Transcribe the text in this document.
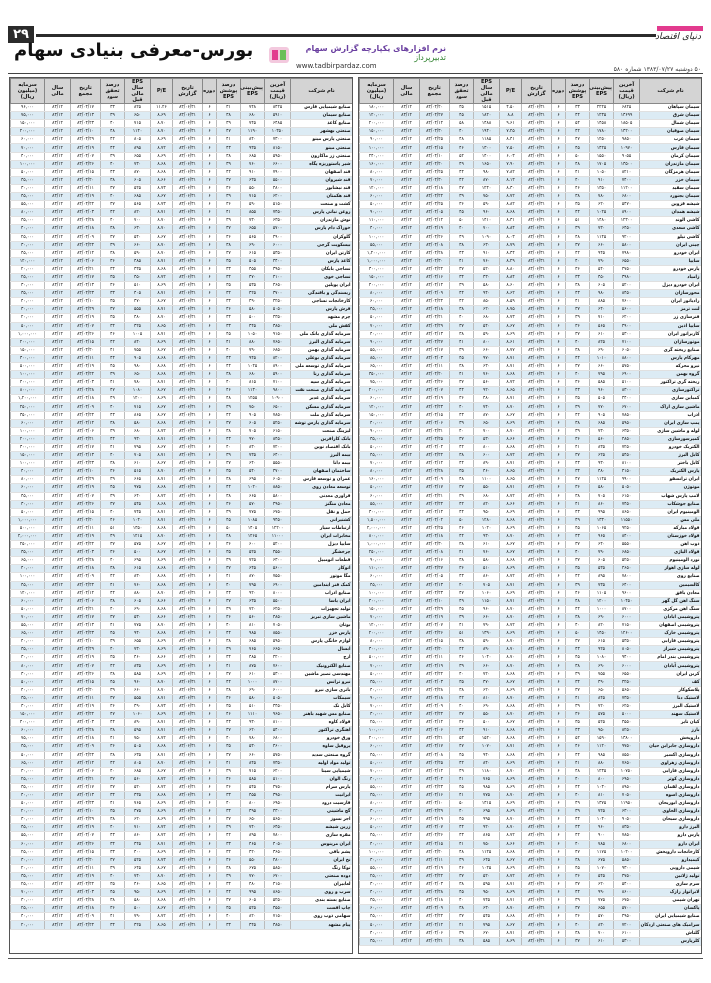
۲۹	دنیای اقتصاد
بورس-معرفی بنیادی سهام	نرم افزارهای یکپارچه گزارش سهام
تدبیرپرداز
www.tadbirpardaz.com	۵۰ دوشنبه ۱۳۸۳/۰۷/۲۷ شماره ۵۸۰
نام شرکت	آخرین قیمت (ریال)	پیش‌بینی EPS	درصد پوشش EPS	دوره	تاریخ گزارش	P/E	EPS سال مالی قبل	درصد تحقق سود	تاریخ مجمع	سال مالی	سرمایه (میلیون ریال)
سیمان سپاهان	۶۸۲۵	۲۲۲۵	۳۳	۶	۸۳/۰۶/۳۱	۴.۵۰	۱۵۱۵	۳۵	۸۳/۰۴/۲۰	۸۳/۱۲	۱۸۰,۰۰۰
سیمان شرق	۱۳۶۹۹	۱۲۳۵	۴۴	۶	۸۳/۰۶/۳۱	۸.۸	۱۸۲۰	۴۵	۸۳/۰۴/۲۷	۸۳/۱۲	۱۲۰,۰۰۰
سیمان شمال	۱۸۵۰۵	۱۴۵۸	۵۴	۶	۸۳/۰۶/۳۱	۹.۶۱	۱۴۸۸	۵۸	۸۳/۰۴/۱۲	۸۳/۱۲	۲۰۰,۰۰۰
سیمان صوفیان	۱۴۲۰۰	۱۷۸۰	۴۲	۶	۸۳/۰۶/۳۱	۷.۲۵	۱۹۴۰	۴۰	۸۳/۰۳/۳۰	۸۳/۱۲	۱۵۰,۰۰۰
سیمان غرب	۹۸۵۰	۱۲۵۰	۴۷	۶	۸۳/۰۶/۳۱	۸.۴۱	۱۱۸۵	۴۸	۸۳/۰۴/۲۵	۸۳/۱۲	۹۰,۰۰۰
سیمان فارس	۱۰۹۷۰	۱۴۲۵	۴۵	۶	۸۳/۰۶/۳۱	۷.۵۰	۱۳۰۰	۴۶	۸۳/۰۴/۱۵	۸۳/۱۲	۱۰۰,۰۰۰
سیمان کرمان	۹۰۵۵	۱۵۵۰	۵۰	۶	۸۳/۰۶/۳۱	۶.۰۳	۱۴۰۰	۵۲	۸۳/۰۴/۱۰	۸۳/۱۲	۲۴۰,۰۰۰
سیمان مازندران	۱۳۵۰۰	۱۷۰۵	۴۸	۶	۸۳/۰۶/۳۱	۷.۹۰	۱۶۵۰	۴۹	۸۳/۰۴/۲۰	۸۳/۱۲	۱۶۰,۰۰۰
سیمان هرمزگان	۸۲۱۰	۱۰۵۰	۴۱	۶	۸۳/۰۶/۳۱	۷.۸۲	۹۸۰	۴۴	۸۳/۰۴/۲۵	۸۳/۱۲	۸۰,۰۰۰
سیمان خزر	۷۴۰۰	۹۱۰	۴۰	۶	۸۳/۰۶/۳۱	۸.۱۳	۸۷۰	۴۲	۸۳/۰۴/۳۰	۸۳/۱۲	۷۰,۰۰۰
سیمان سفید	۱۱۲۰۰	۱۳۵۰	۴۶	۶	۸۳/۰۶/۳۱	۸.۳۰	۱۲۴۰	۴۷	۸۳/۰۴/۱۸	۸۳/۱۲	۱۲۰,۰۰۰
سیمان بجنورد	۶۸۰۰	۷۸۰	۳۸	۶	۸۳/۰۶/۳۱	۸.۷۲	۷۵۰	۳۹	۸۳/۰۴/۲۲	۸۳/۱۲	۶۰,۰۰۰
شیشه قزوین	۵۴۷۰	۶۲۰	۳۵	۶	۸۳/۰۶/۳۱	۸.۸۲	۵۹۰	۳۶	۸۳/۰۳/۲۵	۸۳/۱۲	۵۰,۰۰۰
شیشه همدان	۸۹۰۰	۱۰۲۵	۴۴	۶	۸۳/۰۶/۳۱	۸.۶۸	۹۶۰	۴۵	۸۳/۰۴/۰۵	۸۳/۱۲	۹۰,۰۰۰
کاشی الوند	۱۲۳۰۰	۱۴۸۰	۵۱	۶	۸۳/۰۶/۳۱	۸.۳۱	۱۴۱۰	۵۰	۸۳/۰۴/۱۲	۸۳/۱۲	۱۱۰,۰۰۰
کاشی سعدی	۶۴۵۰	۷۳۰	۳۹	۶	۸۳/۰۶/۳۱	۸.۸۴	۷۰۰	۴۰	۸۳/۰۴/۱۹	۸۳/۱۲	۴۰,۰۰۰
کاشی نیلو	۹۲۰۰	۱۱۴۵	۴۸	۶	۸۳/۰۶/۳۱	۸.۰۳	۱۰۹۰	۴۹	۸۳/۰۴/۲۶	۸۳/۱۲	۱۰۰,۰۰۰
چینی ایران	۵۸۰۰	۶۶۰	۳۷	۶	۸۳/۰۶/۳۱	۸.۷۹	۶۳۰	۳۸	۸۳/۰۴/۰۸	۸۳/۱۲	۵۵,۰۰۰
ایران خودرو	۷۹۸۰	۹۴۵	۴۲	۶	۸۳/۰۶/۳۱	۸.۴۴	۹۱۰	۴۳	۸۳/۰۴/۲۸	۸۳/۱۲	۱,۲۰۰,۰۰۰
سایپا	۶۵۵۰	۷۹۰	۴۰	۶	۸۳/۰۶/۳۱	۸.۲۹	۷۶۰	۴۱	۸۳/۰۴/۳۰	۸۳/۱۲	۱,۰۰۰,۰۰۰
پارس خودرو	۴۷۵۰	۵۴۰	۳۶	۶	۸۳/۰۶/۳۱	۸.۸۰	۵۲۰	۳۷	۸۳/۰۴/۲۲	۸۳/۱۲	۳۰۰,۰۰۰
زامیاد	۳۹۸۰	۴۵۰	۳۳	۶	۸۳/۰۶/۳۱	۸.۸۴	۴۳۰	۳۴	۸۳/۰۴/۱۶	۸۳/۱۲	۱۵۰,۰۰۰
ایران خودرو دیزل	۵۲۰۰	۶۰۵	۳۸	۶	۸۳/۰۶/۳۱	۸.۶۰	۵۸۰	۳۹	۸۳/۰۴/۱۴	۸۳/۱۲	۴۰۰,۰۰۰
محورسازان	۸۴۵۰	۹۸۰	۴۳	۶	۸۳/۰۶/۳۱	۸.۶۲	۹۴۰	۴۴	۸۳/۰۴/۰۹	۸۳/۱۲	۸۰,۰۰۰
رادیاتور ایران	۷۶۰۰	۸۸۵	۴۱	۶	۸۳/۰۶/۳۱	۸.۵۹	۸۵۰	۴۲	۸۳/۰۴/۲۴	۸۳/۱۲	۶۰,۰۰۰
لنت ترمز	۵۶۰۰	۶۴۰	۳۷	۶	۸۳/۰۶/۳۱	۸.۷۵	۶۲۰	۳۸	۸۳/۰۴/۱۸	۸۳/۱۲	۴۵,۰۰۰
فنرسازی زر	۶۲۰۰	۷۱۰	۳۹	۶	۸۳/۰۶/۳۱	۸.۷۳	۶۸۰	۴۰	۸۳/۰۴/۲۱	۸۳/۱۲	۵۰,۰۰۰
سایپا آذین	۴۹۰۰	۵۶۵	۳۶	۶	۸۳/۰۶/۳۱	۸.۶۷	۵۴۰	۳۷	۸۳/۰۴/۲۹	۸۳/۱۲	۷۰,۰۰۰
کاربراتور ایران	۵۳۰۰	۶۱۰	۳۷	۶	۸۳/۰۶/۳۱	۸.۶۹	۵۹۰	۳۸	۸۳/۰۴/۱۳	۸۳/۱۲	۴۰,۰۰۰
موتورسازان	۷۱۰۰	۸۲۵	۴۰	۶	۸۳/۰۶/۳۱	۸.۶۱	۸۰۰	۴۱	۸۳/۰۴/۲۷	۸۳/۱۲	۹۰,۰۰۰
صنایع ریخته گری	۶۰۵۰	۶۹۰	۳۸	۶	۸۳/۰۶/۳۱	۸.۷۷	۶۶۰	۳۹	۸۳/۰۴/۱۷	۸۳/۱۲	۵۵,۰۰۰
مهرکام پارس	۸۸۰۰	۱۰۱۰	۴۴	۶	۸۳/۰۶/۳۱	۸.۷۱	۹۷۰	۴۵	۸۳/۰۴/۰۳	۸۳/۱۲	۸۵,۰۰۰
نیرو محرکه	۵۷۵۰	۶۶۰	۳۷	۶	۸۳/۰۶/۳۱	۸.۷۱	۶۳۰	۳۸	۸۳/۰۴/۱۱	۸۳/۱۲	۶۵,۰۰۰
گروه بهمن	۶۹۰۰	۷۹۵	۴۰	۶	۸۳/۰۶/۳۱	۸.۶۸	۷۶۰	۴۱	۸۳/۰۴/۲۰	۸۳/۱۲	۳۵۰,۰۰۰
ریخته گری تراکتور	۵۱۰۰	۵۸۵	۳۶	۶	۸۳/۰۶/۳۱	۸.۷۲	۵۶۰	۳۷	۸۳/۰۴/۲۶	۸۳/۱۲	۷۵,۰۰۰
تراکتورسازی	۸۳۰۰	۹۶۰	۴۳	۶	۸۳/۰۶/۳۱	۸.۶۵	۹۲۰	۴۴	۸۳/۰۴/۰۷	۸۳/۱۲	۲۰۰,۰۰۰
کمباین سازی	۴۴۰۰	۵۰۵	۳۵	۶	۸۳/۰۶/۳۱	۸.۷۱	۴۸۰	۳۶	۸۳/۰۴/۱۹	۸۳/۱۲	۶۰,۰۰۰
ماشین سازی اراک	۶۷۰۰	۷۷۰	۳۹	۶	۸۳/۰۶/۳۱	۸.۷۰	۷۴۰	۴۰	۸۳/۰۴/۲۳	۸۳/۱۲	۱۲۰,۰۰۰
آذرآب	۷۸۵۰	۹۰۵	۴۲	۶	۸۳/۰۶/۳۱	۸.۶۷	۸۷۰	۴۳	۸۳/۰۴/۱۵	۸۳/۱۲	۱۵۰,۰۰۰
پمپ سازی ایران	۵۹۵۰	۶۸۵	۳۸	۶	۸۳/۰۶/۳۱	۸.۶۹	۶۵۰	۳۹	۸۳/۰۴/۰۶	۸۳/۱۲	۴۰,۰۰۰
لوله و ماشین سازی	۶۳۵۰	۷۳۰	۳۹	۶	۸۳/۰۶/۳۱	۸.۷۰	۷۰۰	۴۰	۸۳/۰۴/۳۱	۸۳/۱۲	۹۰,۰۰۰
کمپرسورسازی	۴۸۵۰	۵۶۰	۳۶	۶	۸۳/۰۶/۳۱	۸.۶۶	۵۳۰	۳۷	۸۳/۰۴/۲۵	۸۳/۱۲	۳۵,۰۰۰
الکتریک خودرو	۷۲۵۰	۸۳۵	۴۱	۶	۸۳/۰۶/۳۱	۸.۶۸	۸۰۰	۴۲	۸۳/۰۴/۰۴	۸۳/۱۲	۵۰,۰۰۰
کابل البرز	۵۴۵۰	۶۲۵	۳۷	۶	۸۳/۰۶/۳۱	۸.۷۲	۶۰۰	۳۸	۸۳/۰۴/۲۲	۸۳/۱۲	۴۵,۰۰۰
کابل باختر	۸۱۰۰	۹۳۰	۴۳	۶	۸۳/۰۶/۳۱	۸.۷۱	۸۹۰	۴۴	۸۳/۰۴/۱۲	۸۳/۱۲	۷۰,۰۰۰
پارس الکتریک	۴۱۵۰	۴۸۰	۳۴	۶	۸۳/۰۶/۳۱	۸.۶۵	۴۶۰	۳۵	۸۳/۰۴/۲۸	۸۳/۱۲	۸۰,۰۰۰
ایران ترانسفو	۹۹۰۰	۱۱۴۵	۴۷	۶	۸۳/۰۶/۳۱	۸.۶۵	۱۱۰۰	۴۸	۸۳/۰۴/۰۹	۸۳/۱۲	۱۶۰,۰۰۰
موتوژن	۵۰۵۰	۵۸۰	۳۶	۶	۸۳/۰۶/۳۱	۸.۷۱	۵۵۰	۳۷	۸۳/۰۴/۱۷	۸۳/۱۲	۵۰,۰۰۰
لامپ پارس شهاب	۶۱۵۰	۷۰۵	۳۸	۶	۸۳/۰۶/۳۱	۸.۷۲	۶۸۰	۳۹	۸۳/۰۴/۲۱	۸۳/۱۲	۶۰,۰۰۰
صنایع جوشکاب	۷۴۵۰	۸۶۰	۴۱	۶	۸۳/۰۶/۳۱	۸.۶۶	۸۲۰	۴۲	۸۳/۰۴/۲۴	۸۳/۱۲	۵۵,۰۰۰
آلومینیوم ایران	۸۶۵۰	۹۹۵	۴۳	۶	۸۳/۰۶/۳۱	۸.۶۹	۹۵۰	۴۴	۸۳/۰۴/۱۴	۸۳/۱۲	۳۰۰,۰۰۰
ملی مس	۱۱۵۵۰	۱۳۳۰	۴۹	۶	۸۳/۰۶/۳۱	۸.۶۸	۱۲۸۰	۵۰	۸۳/۰۴/۰۲	۸۳/۱۲	۱,۵۰۰,۰۰۰
فولاد مبارکه	۹۲۵۰	۱۰۶۵	۴۵	۶	۸۳/۰۶/۳۱	۸.۶۹	۱۰۲۰	۴۶	۸۳/۰۴/۲۵	۸۳/۱۲	۲,۰۰۰,۰۰۰
فولاد خوزستان	۸۴۰۰	۹۶۵	۴۳	۶	۸۳/۰۶/۳۱	۸.۷۰	۹۳۰	۴۴	۸۳/۰۴/۱۸	۸۳/۱۲	۸۰۰,۰۰۰
ذوب آهن	۵۵۵۰	۶۴۰	۳۷	۶	۸۳/۰۶/۳۱	۸.۶۷	۶۱۰	۳۸	۸۳/۰۴/۳۰	۸۳/۱۲	۱,۰۰۰,۰۰۰
فولاد آلیاژی	۶۸۵۰	۷۹۰	۴۰	۶	۸۳/۰۶/۳۱	۸.۶۷	۷۶۰	۴۱	۸۳/۰۴/۰۸	۸۳/۱۲	۲۵۰,۰۰۰
نورد آلومینیوم	۵۲۵۰	۶۰۵	۳۷	۶	۸۳/۰۶/۳۱	۸.۶۸	۵۸۰	۳۸	۸۳/۰۴/۱۶	۸۳/۱۲	۹۰,۰۰۰
لوله سازی اهواز	۴۶۵۰	۵۳۵	۳۵	۶	۸۳/۰۶/۳۱	۸.۶۹	۵۱۰	۳۶	۸۳/۰۴/۲۷	۸۳/۱۲	۱۱۰,۰۰۰
صنایع روی	۷۸۰۰	۸۹۵	۴۲	۶	۸۳/۰۶/۳۱	۸.۷۲	۸۶۰	۴۳	۸۳/۰۴/۰۵	۸۳/۱۲	۶۰,۰۰۰
کالسیمین	۶۴۰۰	۷۳۵	۳۹	۶	۸۳/۰۶/۳۱	۸.۷۱	۷۰۵	۴۰	۸۳/۰۴/۱۳	۸۳/۱۲	۴۵,۰۰۰
معادن بافق	۹۶۰۰	۱۱۰۵	۴۶	۶	۸۳/۰۶/۳۱	۸.۶۹	۱۰۶۰	۴۷	۸۳/۰۴/۲۳	۸۳/۱۲	۱۰۰,۰۰۰
سنگ آهن گل گهر	۱۰۴۵۰	۱۲۰۰	۴۸	۶	۸۳/۰۶/۳۱	۸.۷۱	۱۱۵۰	۴۹	۸۳/۰۴/۱۰	۸۳/۱۲	۴۰۰,۰۰۰
سنگ آهن مرکزی	۸۷۰۰	۱۰۰۰	۴۴	۶	۸۳/۰۶/۳۱	۸.۷۰	۹۶۰	۴۵	۸۳/۰۴/۲۹	۸۳/۱۲	۱۵۰,۰۰۰
پتروشیمی آبادان	۶۰۰۰	۶۹۰	۳۸	۶	۸۳/۰۶/۳۱	۸.۷۰	۶۶۰	۳۹	۸۳/۰۴/۱۹	۸۳/۱۲	۷۰,۰۰۰
پتروشیمی اصفهان	۷۱۵۰	۸۲۰	۴۰	۶	۸۳/۰۶/۳۱	۸.۷۲	۷۹۰	۴۱	۸۳/۰۴/۰۷	۸۳/۱۲	۱۲۰,۰۰۰
پتروشیمی خارک	۱۲۶۰۰	۱۴۵۰	۵۰	۶	۸۳/۰۶/۳۱	۸.۶۹	۱۳۹۰	۵۱	۸۳/۰۴/۲۶	۸۳/۱۲	۲۰۰,۰۰۰
پتروشیمی فارابی	۵۳۵۰	۶۱۵	۳۷	۶	۸۳/۰۶/۳۱	۸.۷۰	۵۹۰	۳۸	۸۳/۰۴/۱۵	۸۳/۱۲	۸۰,۰۰۰
پتروشیمی شیراز	۸۰۵۰	۹۲۵	۴۳	۶	۸۳/۰۶/۳۱	۸.۷۰	۸۹۰	۴۴	۸۳/۰۴/۲۰	۸۳/۱۲	۳۰۰,۰۰۰
پتروشیمی بندر امام	۹۴۰۰	۱۰۸۰	۴۵	۶	۸۳/۰۶/۳۱	۸.۷۰	۱۰۴۰	۴۶	۸۳/۰۴/۱۱	۸۳/۱۲	۵۰۰,۰۰۰
پتروشیمی آبادان	۶۰۰۰	۶۹۰	۳۸	۶	۸۳/۰۶/۳۱	۸.۷۰	۶۶۰	۳۹	۸۳/۰۴/۱۹	۸۳/۱۲	۷۰,۰۰۰
کربن ایران	۶۵۵۰	۷۵۵	۳۹	۶	۸۳/۰۶/۳۱	۸.۶۸	۷۲۰	۴۰	۸۳/۰۴/۲۲	۸۳/۱۲	۵۰,۰۰۰
کف	۴۲۵۰	۴۹۰	۳۴	۶	۸۳/۰۶/۳۱	۸.۶۷	۴۷۰	۳۵	۸۳/۰۴/۰۳	۸۳/۱۲	۳۵,۰۰۰
پلاسکوکار	۵۶۵۰	۶۵۰	۳۷	۶	۸۳/۰۶/۳۱	۸.۶۹	۶۲۰	۳۸	۸۳/۰۴/۲۸	۸۳/۱۲	۴۰,۰۰۰
لاستیک دنا	۷۳۵۰	۸۴۵	۴۱	۶	۸۳/۰۶/۳۱	۸.۷۰	۸۱۰	۴۲	۸۳/۰۴/۱۸	۸۳/۱۲	۹۰,۰۰۰
لاستیک البرز	۶۲۵۰	۷۲۰	۳۹	۶	۸۳/۰۶/۳۱	۸.۶۸	۶۹۰	۴۰	۸۳/۰۴/۰۹	۸۳/۱۲	۷۰,۰۰۰
لاستیک سهند	۵۰۰۰	۵۷۵	۳۶	۶	۸۳/۰۶/۳۱	۸.۷۰	۵۵۰	۳۷	۸۳/۰۴/۲۴	۸۳/۱۲	۳۰,۰۰۰
کیان تایر	۴۵۵۰	۵۲۵	۳۵	۶	۸۳/۰۶/۳۱	۸.۶۷	۵۰۰	۳۶	۸۳/۰۴/۱۲	۸۳/۱۲	۲۵,۰۰۰
بارز	۸۲۵۰	۹۵۰	۴۳	۶	۸۳/۰۶/۳۱	۸.۶۸	۹۱۰	۴۴	۸۳/۰۴/۰۶	۸۳/۱۲	۱۰۰,۰۰۰
داروپخش	۱۳۸۰۰	۱۵۹۰	۵۲	۶	۸۳/۰۶/۳۱	۸.۶۸	۱۵۲۰	۵۳	۸۳/۰۴/۲۱	۸۳/۱۲	۲۰۰,۰۰۰
داروسازی جابرابن حیان	۹۷۵۰	۱۱۲۰	۴۶	۶	۸۳/۰۶/۳۱	۸.۷۱	۱۰۷۰	۴۷	۸۳/۰۴/۱۷	۸۳/۱۲	۶۰,۰۰۰
داروسازی اکسیر	۸۵۵۰	۹۸۵	۴۴	۶	۸۳/۰۶/۳۱	۸.۶۸	۹۴۰	۴۵	۸۳/۰۴/۰۸	۸۳/۱۲	۴۵,۰۰۰
داروسازی زهراوی	۷۶۵۰	۸۸۰	۴۱	۶	۸۳/۰۶/۳۱	۸.۶۹	۸۴۰	۴۲	۸۳/۰۴/۲۵	۸۳/۱۲	۵۰,۰۰۰
داروسازی فارابی	۱۰۷۵۰	۱۲۳۵	۴۸	۶	۸۳/۰۶/۳۱	۸.۷۰	۱۱۸۰	۴۹	۸۳/۰۴/۱۴	۸۳/۱۲	۷۰,۰۰۰
داروسازی کوثر	۶۹۵۰	۸۰۰	۴۰	۶	۸۳/۰۶/۳۱	۸.۶۹	۷۶۵	۴۱	۸۳/۰۴/۰۴	۸۳/۱۲	۴۰,۰۰۰
داروسازی لقمان	۸۹۵۰	۱۰۳۰	۴۴	۶	۸۳/۰۶/۳۱	۸.۶۹	۹۸۵	۴۵	۸۳/۰۴/۲۳	۸۳/۱۲	۵۵,۰۰۰
داروسازی اسوه	۷۰۵۰	۸۱۰	۴۰	۶	۸۳/۰۶/۳۱	۸.۷۰	۷۷۵	۴۱	۸۳/۰۴/۱۶	۸۳/۱۲	۳۵,۰۰۰
داروسازی ابوریحان	۱۱۹۵۰	۱۳۷۵	۴۹	۶	۸۳/۰۶/۳۱	۸.۶۹	۱۳۱۵	۵۰	۸۳/۰۴/۱۰	۸۳/۱۲	۸۰,۰۰۰
داروسازی الحاوی	۶۳۰۰	۷۲۵	۳۹	۶	۸۳/۰۶/۳۱	۸.۶۹	۶۹۵	۴۰	۸۳/۰۴/۲۹	۸۳/۱۲	۳۰,۰۰۰
داروسازی سبحان	۹۰۵۰	۱۰۴۰	۴۴	۶	۸۳/۰۶/۳۱	۸.۷۰	۹۹۵	۴۵	۸۳/۰۴/۱۹	۸۳/۱۲	۶۰,۰۰۰
البرز دارو	۸۳۵۰	۹۶۰	۴۳	۶	۸۳/۰۶/۳۱	۸.۷۰	۹۲۰	۴۴	۸۳/۰۴/۰۷	۸۳/۱۲	۵۰,۰۰۰
پارس دارو	۷۸۵۰	۹۰۰	۴۲	۶	۸۳/۰۶/۳۱	۸.۷۲	۸۶۵	۴۳	۸۳/۰۴/۲۶	۸۳/۱۲	۴۵,۰۰۰
ایران دارو	۶۸۰۰	۷۸۵	۴۰	۶	۸۳/۰۶/۳۱	۸.۶۶	۷۵۰	۴۱	۸۳/۰۴/۱۵	۸۳/۱۲	۴۰,۰۰۰
کارخانجات داروپخش	۱۰۲۰۰	۱۱۷۵	۴۷	۶	۸۳/۰۶/۳۱	۸.۶۸	۱۱۲۵	۴۸	۸۳/۰۴/۲۰	۸۳/۱۲	۱۰۰,۰۰۰
کیمیدارو	۵۸۵۰	۶۷۵	۳۸	۶	۸۳/۰۶/۳۱	۸.۶۷	۶۴۵	۳۹	۸۳/۰۴/۱۱	۸۳/۱۲	۳۰,۰۰۰
شیمی دارویی	۹۳۰۰	۱۰۷۰	۴۵	۶	۸۳/۰۶/۳۱	۸.۶۹	۱۰۲۵	۴۶	۸۳/۰۴/۱۹	۸۳/۱۲	۵۵,۰۰۰
تولید ژلاتین	۴۷۵۰	۵۴۵	۳۶	۶	۸۳/۰۶/۳۱	۸.۷۲	۵۲۰	۳۷	۸۳/۰۴/۲۲	۸۳/۱۲	۲۵,۰۰۰
سرم سازی	۵۴۰۰	۶۲۰	۳۷	۶	۸۳/۰۶/۳۱	۸.۷۱	۵۹۵	۳۸	۸۳/۰۴/۰۳	۸۳/۱۲	۳۰,۰۰۰
لابراتوار رازک	۸۶۰۰	۹۹۰	۴۴	۶	۸۳/۰۶/۳۱	۸.۶۹	۹۵۰	۴۵	۸۳/۰۴/۲۸	۸۳/۱۲	۴۰,۰۰۰
تهران شیمی	۶۷۵۰	۷۷۵	۳۹	۶	۸۳/۰۶/۳۱	۸.۷۱	۷۴۵	۴۰	۸۳/۰۴/۱۸	۸۳/۱۲	۳۵,۰۰۰
پاکسان	۵۷۰۰	۶۵۵	۳۷	۶	۸۳/۰۶/۳۱	۸.۷۰	۶۳۰	۳۸	۸۳/۰۴/۰۹	۸۳/۱۲	۶۰,۰۰۰
صنایع شیمیایی ایران	۴۹۵۰	۵۷۰	۳۶	۶	۸۳/۰۶/۳۱	۸.۶۸	۵۴۵	۳۷	۸۳/۰۴/۲۴	۸۳/۱۲	۴۵,۰۰۰
سرامیک های صنعتی اردکان	۷۲۰۰	۸۳۰	۴۰	۶	۸۳/۰۶/۳۱	۸.۶۷	۷۹۵	۴۱	۸۳/۰۴/۱۲	۸۳/۱۲	۵۰,۰۰۰
گلتاش	۶۱۰۰	۷۰۰	۳۸	۶	۸۳/۰۶/۳۱	۸.۷۱	۶۷۰	۳۹	۸۳/۰۴/۰۶	۸۳/۱۲	۴۰,۰۰۰
کلرپارس	۵۳۰۰	۶۱۰	۳۷	۶	۸۳/۰۶/۳۱	۸.۶۹	۵۸۵	۳۸	۸۳/۰۴/۲۱	۸۳/۱۲	۳۵,۰۰۰
نام شرکت	آخرین قیمت (ریال)	پیش‌بینی EPS	درصد پوشش EPS	دوره	تاریخ گزارش	P/E	EPS سال مالی قبل	درصد تحقق سود	تاریخ مجمع	سال مالی	سرمایه (میلیون ریال)
صنایع شیمیایی فارس	۸۴۲۵	۷۴۸	۳۱	۶	۸۳/۰۶/۳۱	۱۱.۲۶	۸۲۵	۳۳	۸۳/۰۴/۱۷	۸۳/۱۲	۹۶,۰۰۰
صنایع سیمان	۵۹۱۰	۶۸۰	۳۸	۶	۸۳/۰۶/۳۱	۸.۶۹	۶۵۰	۳۹	۸۳/۰۴/۱۳	۸۳/۱۲	۷۵,۰۰۰
صنایع کاغذ	۶۴۸۵	۷۴۵	۳۹	۶	۸۳/۰۶/۳۱	۸.۷۰	۷۱۵	۴۰	۸۳/۰۴/۲۳	۸۳/۱۲	۱۵۰,۰۰۰
صنعتی بهشهر	۱۰۳۵۰	۱۱۹۰	۴۷	۶	۸۳/۰۶/۳۱	۸.۷۰	۱۱۴۰	۴۸	۸۳/۰۴/۱۰	۸۳/۱۲	۲۰۰,۰۰۰
صنعتی پارس مینو	۷۳۰۰	۸۴۰	۴۱	۶	۸۳/۰۶/۳۱	۸.۶۹	۸۰۵	۴۲	۸۳/۰۴/۲۹	۸۳/۱۲	۶۰,۰۰۰
صنعتی مینو	۸۱۵۰	۹۳۵	۴۳	۶	۸۳/۰۶/۳۱	۸.۷۲	۸۹۵	۴۴	۸۳/۰۴/۱۹	۸۳/۱۲	۷۰,۰۰۰
صنعتی زر ماکارون	۵۹۵۰	۶۸۵	۳۸	۶	۸۳/۰۶/۳۱	۸.۶۹	۶۵۵	۳۹	۸۳/۰۴/۰۷	۸۳/۱۲	۴۰,۰۰۰
شیر پاستوریزه پگاه	۶۶۰۰	۷۶۰	۳۹	۶	۸۳/۰۶/۳۱	۸.۶۸	۷۳۰	۴۰	۸۳/۰۴/۲۶	۸۳/۱۲	۱۰۰,۰۰۰
قند اصفهان	۷۹۰۰	۹۱۰	۴۲	۶	۸۳/۰۶/۳۱	۸.۶۸	۸۷۰	۴۳	۸۳/۰۴/۱۵	۸۳/۱۲	۵۰,۰۰۰
قند شیروان	۵۵۰۰	۶۳۵	۳۷	۶	۸۳/۰۶/۳۱	۸.۶۶	۶۰۵	۳۸	۸۳/۰۴/۲۰	۸۳/۱۲	۳۵,۰۰۰
قند نیشابور	۴۸۰۰	۵۵۰	۳۶	۶	۸۳/۰۶/۳۱	۸.۷۳	۵۲۵	۳۷	۸۳/۰۴/۱۱	۸۳/۱۲	۳۰,۰۰۰
قند هکمتان	۶۲۰۰	۷۱۵	۳۹	۶	۸۳/۰۶/۳۱	۸.۶۷	۶۸۵	۴۰	۸۳/۰۴/۱۹	۸۳/۱۲	۴۵,۰۰۰
کشت و صنعت	۵۱۵۰	۵۹۰	۳۶	۶	۸۳/۰۶/۳۱	۸.۷۳	۵۶۵	۳۷	۸۳/۰۴/۲۲	۸۳/۱۲	۵۵,۰۰۰
روغن نباتی پارس	۷۴۵۰	۸۵۵	۴۱	۶	۸۳/۰۶/۳۱	۸.۷۱	۸۲۰	۴۲	۸۳/۰۴/۰۳	۸۳/۱۲	۸۰,۰۰۰
نوش مازندران	۶۳۵۰	۷۳۰	۳۹	۶	۸۳/۰۶/۳۱	۸.۷۰	۷۰۰	۴۰	۸۳/۰۴/۲۸	۸۳/۱۲	۳۵,۰۰۰
خوراک دام پارس	۵۷۰۰	۶۵۵	۳۷	۶	۸۳/۰۶/۳۱	۸.۷۰	۶۳۰	۳۸	۸۳/۰۴/۱۸	۸۳/۱۲	۴۰,۰۰۰
گلوکزان	۴۹۰۰	۵۶۵	۳۶	۶	۸۳/۰۶/۳۱	۸.۶۷	۵۴۰	۳۷	۸۳/۰۴/۰۹	۸۳/۱۲	۲۵,۰۰۰
بیسکویت گرجی	۶۰۰۰	۶۹۰	۳۸	۶	۸۳/۰۶/۳۱	۸.۷۰	۶۶۰	۳۹	۸۳/۰۴/۲۴	۸۳/۱۲	۳۰,۰۰۰
کارتن ایران	۵۳۵۰	۶۱۵	۳۷	۶	۸۳/۰۶/۳۱	۸.۷۰	۵۹۰	۳۸	۸۳/۰۴/۱۲	۸۳/۱۲	۴۵,۰۰۰
کاغذ پارس	۴۴۰۰	۵۰۵	۳۵	۶	۸۳/۰۶/۳۱	۸.۷۱	۴۸۵	۳۶	۸۳/۰۴/۰۶	۸۳/۱۲	۱۲۰,۰۰۰
نساجی بابکان	۳۹۵۰	۴۵۵	۳۳	۶	۸۳/۰۶/۳۱	۸.۶۸	۴۳۵	۳۴	۸۳/۰۴/۲۱	۸۳/۱۲	۲۰,۰۰۰
نساجی خوی	۴۱۰۰	۴۷۰	۳۴	۶	۸۳/۰۶/۳۱	۸.۷۲	۴۵۰	۳۵	۸۳/۰۴/۱۷	۸۳/۱۲	۲۵,۰۰۰
ایران پوپلین	۴۶۵۰	۵۳۵	۳۵	۶	۸۳/۰۶/۳۱	۸.۶۹	۵۱۰	۳۶	۸۳/۰۴/۱۳	۸۳/۱۲	۳۰,۰۰۰
ریسندگی و بافندگی	۳۷۰۰	۴۲۵	۳۲	۶	۸۳/۰۶/۳۱	۸.۷۱	۴۰۵	۳۳	۸۳/۰۴/۲۳	۸۳/۱۲	۳۵,۰۰۰
کارخانجات نساجی	۴۲۵۰	۴۹۰	۳۴	۶	۸۳/۰۶/۳۱	۸.۶۷	۴۷۰	۳۵	۸۳/۰۴/۱۰	۸۳/۱۲	۴۰,۰۰۰
فرش پارس	۵۰۵۰	۵۸۰	۳۶	۶	۸۳/۰۶/۳۱	۸.۷۱	۵۵۵	۳۷	۸۳/۰۴/۲۹	۸۳/۱۲	۳۰,۰۰۰
چرم مشهد	۴۳۵۰	۵۰۰	۳۴	۶	۸۳/۰۶/۳۱	۸.۷۰	۴۸۰	۳۵	۸۳/۰۴/۱۹	۸۳/۱۲	۲۰,۰۰۰
کفش ملی	۳۸۵۰	۴۴۵	۳۳	۶	۸۳/۰۶/۳۱	۸.۶۵	۴۲۵	۳۴	۸۳/۰۴/۰۷	۸۳/۱۲	۵۰,۰۰۰
سرمایه گذاری بانک ملی	۹۱۵۰	۱۰۵۰	۴۵	۶	۸۳/۰۶/۳۱	۸.۷۱	۱۰۰۵	۴۶	۸۳/۰۴/۲۶	۸۳/۱۲	۱,۰۰۰,۰۰۰
سرمایه گذاری البرز	۷۶۵۰	۸۸۰	۴۱	۶	۸۳/۰۶/۳۱	۸.۶۹	۸۴۰	۴۲	۸۳/۰۴/۱۵	۸۳/۱۲	۲۰۰,۰۰۰
سرمایه گذاری بهمن	۶۸۵۰	۷۹۰	۴۰	۶	۸۳/۰۶/۳۱	۸.۶۷	۷۵۵	۴۱	۸۳/۰۴/۲۰	۸۳/۱۲	۱۵۰,۰۰۰
سرمایه گذاری بوعلی	۸۲۰۰	۹۴۵	۴۳	۶	۸۳/۰۶/۳۱	۸.۶۸	۹۰۵	۴۴	۸۳/۰۴/۱۱	۸۳/۱۲	۳۰۰,۰۰۰
سرمایه گذاری توسعه ملی	۸۹۰۰	۱۰۲۵	۴۴	۶	۸۳/۰۶/۳۱	۸.۶۸	۹۸۰	۴۵	۸۳/۰۴/۱۹	۸۳/۱۲	۵۰۰,۰۰۰
سرمایه گذاری رنا	۵۹۰۰	۶۸۰	۳۸	۶	۸۳/۰۶/۳۱	۸.۶۸	۶۵۰	۳۹	۸۳/۰۴/۲۲	۸۳/۱۲	۱۰۰,۰۰۰
سرمایه گذاری سپه	۷۱۰۰	۸۱۵	۴۰	۶	۸۳/۰۶/۳۱	۸.۷۱	۷۸۰	۴۱	۸۳/۰۴/۰۳	۸۳/۱۲	۴۰۰,۰۰۰
سرمایه گذاری صنعت نفت	۹۸۰۰	۱۱۳۰	۴۶	۶	۸۳/۰۶/۳۱	۸.۶۷	۱۰۸۰	۴۷	۸۳/۰۴/۲۸	۸۳/۱۲	۸۰۰,۰۰۰
سرمایه گذاری غدیر	۱۰۹۰۰	۱۲۵۵	۴۸	۶	۸۳/۰۶/۳۱	۸.۶۹	۱۲۰۰	۴۹	۸۳/۰۴/۱۸	۸۳/۱۲	۱,۲۰۰,۰۰۰
سرمایه گذاری مسکن	۶۵۰۰	۷۵۰	۳۹	۶	۸۳/۰۶/۳۱	۸.۶۷	۷۱۵	۴۰	۸۳/۰۴/۰۹	۸۳/۱۲	۲۵۰,۰۰۰
سرمایه گذاری ملت	۷۸۵۰	۹۰۵	۴۲	۶	۸۳/۰۶/۳۱	۸.۶۷	۸۶۵	۴۳	۸۳/۰۴/۲۴	۸۳/۱۲	۳۵۰,۰۰۰
سرمایه گذاری پارس توشه	۵۲۵۰	۶۰۵	۳۷	۶	۸۳/۰۶/۳۱	۸.۶۸	۵۸۰	۳۸	۸۳/۰۴/۱۲	۸۳/۱۲	۶۰,۰۰۰
لیزینگ صنعت	۶۱۵۰	۷۰۵	۳۸	۶	۸۳/۰۶/۳۱	۸.۷۲	۶۸۰	۳۹	۸۳/۰۴/۰۶	۸۳/۱۲	۱۰۰,۰۰۰
بانک کارآفرین	۸۴۵۰	۹۷۰	۴۳	۶	۸۳/۰۶/۳۱	۸.۷۱	۹۳۰	۴۴	۸۳/۰۴/۲۱	۸۳/۱۲	۲۰۰,۰۰۰
بانک اقتصاد نوین	۷۲۰۰	۸۳۰	۴۰	۶	۸۳/۰۶/۳۱	۸.۶۷	۷۹۵	۴۱	۸۳/۰۴/۱۷	۸۳/۱۲	۳۰۰,۰۰۰
بیمه البرز	۶۴۰۰	۷۳۵	۳۹	۶	۸۳/۰۶/۳۱	۸.۷۱	۷۰۵	۴۰	۸۳/۰۴/۱۳	۸۳/۱۲	۱۵۰,۰۰۰
بیمه دانا	۵۵۵۰	۶۴۰	۳۷	۶	۸۳/۰۶/۳۱	۸.۶۷	۶۱۰	۳۸	۸۳/۰۴/۲۳	۸۳/۱۲	۱۰۰,۰۰۰
ساختمان اصفهان	۴۷۰۰	۵۴۰	۳۵	۶	۸۳/۰۶/۳۱	۸.۷۰	۵۱۵	۳۶	۸۳/۰۴/۱۰	۸۳/۱۲	۴۰,۰۰۰
عمران و توسعه فارس	۶۰۵۰	۶۹۵	۳۸	۶	۸۳/۰۶/۳۱	۸.۷۱	۶۶۵	۳۹	۸۳/۰۴/۲۹	۸۳/۱۲	۸۰,۰۰۰
توسعه معادن روی	۸۸۵۰	۱۰۲۰	۴۴	۶	۸۳/۰۶/۳۱	۸.۶۸	۹۷۵	۴۵	۸۳/۰۴/۱۹	۸۳/۱۲	۶۰,۰۰۰
فرآوری معدنی	۵۸۰۰	۶۶۵	۳۸	۶	۸۳/۰۶/۳۱	۸.۷۲	۶۴۰	۳۹	۸۳/۰۴/۰۷	۸۳/۱۲	۴۵,۰۰۰
معادن منگنز	۴۹۵۰	۵۷۰	۳۶	۶	۸۳/۰۶/۳۱	۸.۶۸	۵۴۵	۳۷	۸۳/۰۴/۲۶	۸۳/۱۲	۳۰,۰۰۰
حمل و نقل	۶۷۵۰	۷۷۵	۳۹	۶	۸۳/۰۶/۳۱	۸.۷۱	۷۴۵	۴۰	۸۳/۰۴/۱۵	۸۳/۱۲	۵۰,۰۰۰
کشتیرانی	۹۴۵۰	۱۰۸۵	۴۵	۶	۸۳/۰۶/۳۱	۸.۷۱	۱۰۴۰	۴۶	۸۳/۰۴/۲۰	۸۳/۱۲	۱,۰۰۰,۰۰۰
ارتباطات سیار	۱۲۲۰۰	۱۴۰۵	۵۰	۶	۸۳/۰۶/۳۱	۸.۶۸	۱۳۵۰	۵۱	۸۳/۰۴/۱۱	۸۳/۱۲	۵۰۰,۰۰۰
مخابرات ایران	۱۱۰۰۰	۱۲۶۵	۴۸	۶	۸۳/۰۶/۳۱	۸.۷۰	۱۲۱۵	۴۹	۸۳/۰۴/۱۹	۸۳/۱۲	۲,۰۰۰,۰۰۰
سایپا دیزل	۵۲۰۰	۶۰۰	۳۶	۶	۸۳/۰۶/۳۱	۸.۶۷	۵۷۵	۳۷	۸۳/۰۴/۲۲	۸۳/۱۲	۲۵۰,۰۰۰
چرخشگر	۴۵۵۰	۵۲۵	۳۵	۶	۸۳/۰۶/۳۱	۸.۶۷	۵۰۰	۳۶	۸۳/۰۴/۰۳	۸۳/۱۲	۳۵,۰۰۰
قطعات اتومبیل	۶۳۰۰	۷۲۵	۳۹	۶	۸۳/۰۶/۳۱	۸.۶۹	۶۹۵	۴۰	۸۳/۰۴/۲۸	۸۳/۱۲	۶۵,۰۰۰
اتوکار	۵۶۰۰	۶۴۵	۳۷	۶	۸۳/۰۶/۳۱	۸.۶۸	۶۱۵	۳۸	۸۳/۰۴/۱۸	۸۳/۱۲	۴۰,۰۰۰
مگا موتور	۷۵۵۰	۸۷۰	۴۱	۶	۸۳/۰۶/۳۱	۸.۶۸	۸۳۰	۴۲	۸۳/۰۴/۰۹	۸۳/۱۲	۱۰۰,۰۰۰
کمک فنر ایندامین	۶۹۰۰	۷۹۵	۴۰	۶	۸۳/۰۶/۳۱	۸.۶۸	۷۶۰	۴۱	۸۳/۰۴/۲۴	۸۳/۱۲	۴۵,۰۰۰
صنایع آذرآب	۸۰۰۰	۹۲۰	۴۳	۶	۸۳/۰۶/۳۱	۸.۷۰	۸۸۰	۴۴	۸۳/۰۴/۱۲	۸۳/۱۲	۱۲۰,۰۰۰
ایران یاسا	۵۵۰۰	۶۳۵	۳۷	۶	۸۳/۰۶/۳۱	۸.۶۶	۶۰۵	۳۸	۸۳/۰۴/۰۶	۸۳/۱۲	۶۰,۰۰۰
تولید تجهیزات	۶۲۵۰	۷۲۰	۳۹	۶	۸۳/۰۶/۳۱	۸.۶۸	۶۹۰	۴۰	۸۳/۰۴/۲۱	۸۳/۱۲	۵۰,۰۰۰
ماشین سازی تبریز	۴۸۵۰	۵۶۰	۳۶	۶	۸۳/۰۶/۳۱	۸.۶۶	۵۳۰	۳۷	۸۳/۰۴/۱۷	۸۳/۱۲	۷۰,۰۰۰
بوتان	۷۰۵۰	۸۱۰	۴۰	۶	۸۳/۰۶/۳۱	۸.۷۰	۷۷۵	۴۱	۸۳/۰۴/۱۳	۸۳/۱۲	۵۵,۰۰۰
پارس خزر	۸۵۵۰	۹۸۵	۴۴	۶	۸۳/۰۶/۳۱	۸.۶۸	۹۴۰	۴۵	۸۳/۰۴/۲۳	۸۳/۱۲	۶۵,۰۰۰
لوازم خانگی پارس	۵۹۵۰	۶۸۵	۳۸	۶	۸۳/۰۶/۳۱	۸.۶۹	۶۵۵	۳۹	۸۳/۰۴/۱۰	۸۳/۱۲	۴۰,۰۰۰
آبسال	۶۶۵۰	۷۶۵	۳۹	۶	۸۳/۰۶/۳۱	۸.۶۹	۷۳۰	۴۰	۸۳/۰۴/۲۹	۸۳/۱۲	۳۵,۰۰۰
ارج	۴۲۰۰	۴۸۵	۳۴	۶	۸۳/۰۶/۳۱	۸.۶۶	۴۶۰	۳۵	۸۳/۰۴/۱۹	۸۳/۱۲	۳۰,۰۰۰
صنایع الکترونیک	۷۶۰۰	۸۷۵	۴۱	۶	۸۳/۰۶/۳۱	۸.۶۹	۸۳۵	۴۲	۸۳/۰۴/۰۷	۸۳/۱۲	۸۰,۰۰۰
مهندسی نصیر ماشین	۵۳۰۰	۶۱۰	۳۷	۶	۸۳/۰۶/۳۱	۸.۶۹	۵۸۵	۳۸	۸۳/۰۴/۲۶	۸۳/۱۲	۳۰,۰۰۰
نیرو ترانس	۸۷۰۰	۱۰۰۰	۴۴	۶	۸۳/۰۶/۳۱	۸.۷۰	۹۶۰	۴۵	۸۳/۰۴/۱۵	۸۳/۱۲	۵۰,۰۰۰
باتری سازی نیرو	۶۰۰۰	۶۹۰	۳۸	۶	۸۳/۰۶/۳۱	۸.۷۰	۶۶۰	۳۹	۸۳/۰۴/۲۰	۸۳/۱۲	۴۰,۰۰۰
سیمکات	۵۰۵۰	۵۸۰	۳۶	۶	۸۳/۰۶/۳۱	۸.۷۱	۵۵۵	۳۷	۸۳/۰۴/۱۱	۸۳/۱۲	۳۵,۰۰۰
کابل تک	۴۴۵۰	۵۱۰	۳۵	۶	۸۳/۰۶/۳۱	۸.۷۳	۴۹۰	۳۶	۸۳/۰۴/۱۹	۸۳/۱۲	۳۰,۰۰۰
صنایع مس شهید باهنر	۹۶۵۰	۱۱۱۰	۴۶	۶	۸۳/۰۶/۳۱	۸.۶۹	۱۰۶۰	۴۷	۸۳/۰۴/۲۲	۸۳/۱۲	۱۵۰,۰۰۰
فولاد کاوه	۸۱۰۰	۹۳۰	۴۳	۶	۸۳/۰۶/۳۱	۸.۷۱	۸۹۰	۴۴	۸۳/۰۴/۰۳	۸۳/۱۲	۴۰۰,۰۰۰
آهنگری تراکتور	۵۴۰۰	۶۲۰	۳۷	۶	۸۳/۰۶/۳۱	۸.۷۱	۵۹۵	۳۸	۸۳/۰۴/۲۸	۸۳/۱۲	۶۰,۰۰۰
ورق خودرو	۶۸۰۰	۷۸۰	۴۰	۶	۸۳/۰۶/۳۱	۸.۷۲	۷۵۰	۴۱	۸۳/۰۴/۱۸	۸۳/۱۲	۷۵,۰۰۰
پروفیل ساوه	۴۶۰۰	۵۳۰	۳۵	۶	۸۳/۰۶/۳۱	۸.۶۸	۵۰۵	۳۶	۸۳/۰۴/۰۹	۸۳/۱۲	۴۵,۰۰۰
گروه صنعتی سدید	۵۷۵۰	۶۶۰	۳۷	۶	۸۳/۰۶/۳۱	۸.۷۱	۶۳۵	۳۸	۸۳/۰۴/۲۴	۸۳/۱۲	۵۰,۰۰۰
تولید مواد اولیه	۷۳۵۰	۸۴۵	۴۱	۶	۸۳/۰۶/۳۱	۸.۷۰	۸۰۵	۴۲	۸۳/۰۴/۱۲	۸۳/۱۲	۶۵,۰۰۰
شیمیایی سینا	۶۲۰۰	۷۱۵	۳۹	۶	۸۳/۰۶/۳۱	۸.۶۷	۶۸۵	۴۰	۸۳/۰۴/۰۶	۸۳/۱۲	۳۰,۰۰۰
رنگ الوان	۵۱۰۰	۵۸۵	۳۶	۶	۸۳/۰۶/۳۱	۸.۷۲	۵۶۰	۳۷	۸۳/۰۴/۲۱	۸۳/۱۲	۲۵,۰۰۰
پارس سرام	۴۷۵۰	۵۴۵	۳۶	۶	۸۳/۰۶/۳۱	۸.۷۲	۵۲۰	۳۷	۸۳/۰۴/۱۷	۸۳/۱۲	۳۵,۰۰۰
ایرانیت	۳۹۵۰	۴۵۵	۳۳	۶	۸۳/۰۶/۳۱	۸.۶۸	۴۳۵	۳۴	۸۳/۰۴/۱۳	۸۳/۱۲	۴۰,۰۰۰
فارسیت درود	۶۹۵۰	۸۰۰	۴۰	۶	۸۳/۰۶/۳۱	۸.۶۹	۷۶۵	۴۱	۸۳/۰۴/۲۳	۸۳/۱۲	۵۰,۰۰۰
گچ ماشینی	۴۳۰۰	۴۹۵	۳۴	۶	۸۳/۰۶/۳۱	۸.۶۹	۴۷۵	۳۵	۸۳/۰۴/۱۰	۸۳/۱۲	۲۰,۰۰۰
آجر نسوز	۵۶۵۰	۶۵۰	۳۷	۶	۸۳/۰۶/۳۱	۸.۶۹	۶۲۰	۳۸	۸۳/۰۴/۲۹	۸۳/۱۲	۳۰,۰۰۰
زرین شیشه	۶۴۵۰	۷۴۰	۳۹	۶	۸۳/۰۶/۳۱	۸.۷۲	۷۱۰	۴۰	۸۳/۰۴/۱۹	۸۳/۱۲	۴۵,۰۰۰
مقره سازی	۷۸۰۰	۸۹۵	۴۲	۶	۸۳/۰۶/۳۱	۸.۷۲	۸۶۰	۴۳	۸۳/۰۴/۰۷	۸۳/۱۲	۵۵,۰۰۰
ایران مرینوس	۴۰۵۰	۴۶۵	۳۳	۶	۸۳/۰۶/۳۱	۸.۷۱	۴۴۵	۳۴	۸۳/۰۴/۲۶	۸۳/۱۲	۶۰,۰۰۰
پشم بافی	۳۶۵۰	۴۲۰	۳۲	۶	۸۳/۰۶/۳۱	۸.۶۹	۴۰۰	۳۳	۸۳/۰۴/۱۵	۸۳/۱۲	۲۵,۰۰۰
نخ ایران	۴۸۰۰	۵۵۰	۳۶	۶	۸۳/۰۶/۳۱	۸.۷۳	۵۲۵	۳۷	۸۳/۰۴/۲۰	۸۳/۱۲	۳۰,۰۰۰
توکا رنگ	۵۸۵۰	۶۷۵	۳۸	۶	۸۳/۰۶/۳۱	۸.۶۷	۶۴۵	۳۹	۸۳/۰۴/۱۱	۸۳/۱۲	۲۰,۰۰۰
دوده صنعتی	۶۷۰۰	۷۷۰	۳۹	۶	۸۳/۰۶/۳۱	۸.۷۰	۷۴۰	۴۰	۸۳/۰۴/۱۹	۸۳/۱۲	۳۵,۰۰۰
لعابیران	۴۱۵۰	۴۸۰	۳۴	۶	۸۳/۰۶/۳۱	۸.۶۵	۴۶۰	۳۵	۸۳/۰۴/۲۲	۸۳/۱۲	۲۵,۰۰۰
سرب و روی	۸۶۵۰	۹۹۵	۴۴	۶	۸۳/۰۶/۳۱	۸.۶۹	۹۵۰	۴۵	۸۳/۰۴/۰۳	۸۳/۱۲	۷۰,۰۰۰
صنایع بسته بندی	۵۲۵۰	۶۰۵	۳۷	۶	۸۳/۰۶/۳۱	۸.۶۸	۵۸۰	۳۸	۸۳/۰۴/۲۸	۸۳/۱۲	۳۰,۰۰۰
چاپ افست	۴۵۵۰	۵۲۵	۳۵	۶	۸۳/۰۶/۳۱	۸.۶۷	۵۰۰	۳۶	۸۳/۰۴/۱۸	۸۳/۱۲	۲۵,۰۰۰
سهامی ذوب روی	۷۱۵۰	۸۲۰	۴۰	۶	۸۳/۰۶/۳۱	۸.۷۲	۷۹۰	۴۱	۸۳/۰۴/۰۹	۸۳/۱۲	۴۰,۰۰۰
پیام مشهد	۳۸۵۰	۴۴۵	۳۳	۶	۸۳/۰۶/۳۱	۸.۶۵	۴۲۵	۳۴	۸۳/۰۴/۲۴	۸۳/۱۲	۲۰,۰۰۰
